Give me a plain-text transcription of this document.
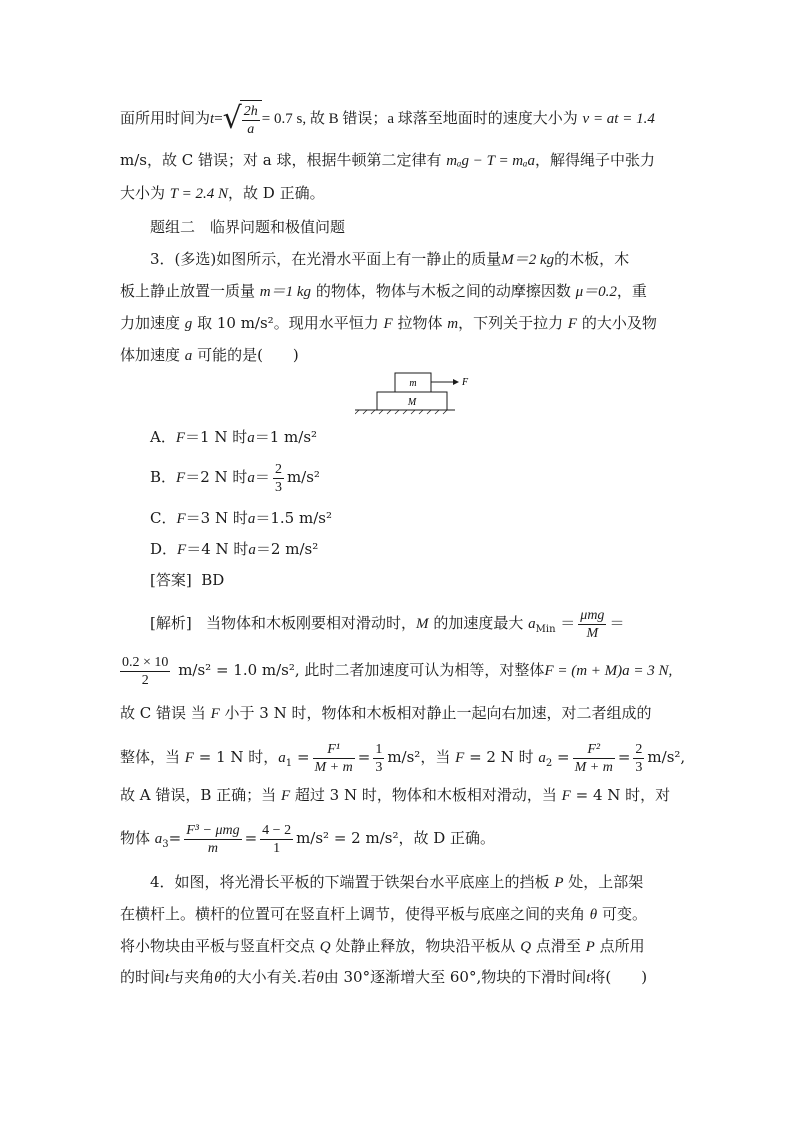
面所用时间为$t=√ \frac{2h}{a} = 0.7$ s, 故 B 错误；a 球落至地面时的速度大小为 v = at = 1.4
m/s，故 C 错误；对 a 球，根据牛顿第二定律有 mₐg − T = mₐa，解得绳子中张力
大小为 T = 2.4 N，故 D 正确。
题组二　临界问题和极值问题
3．(多选)如图所示，在光滑水平面上有一静止的质量M＝2 kg的木板，木
板上静止放置一质量 m＝1 kg 的物体，物体与木板之间的动摩擦因数 μ＝0.2，重
力加速度 g 取 10 m/s²。现用水平恒力 F 拉物体 m，下列关于拉力 F 的大小及物
体加速度 a 可能的是(　　)
M
m	F
A．F＝1 N 时a＝1 m/s²
B．F＝2 N 时$a= \frac{2}{3} m/s^2$
C．F＝3 N 时a＝1.5 m/s²
D．F＝4 N 时a＝2 m/s²
[答案] BD
[解析] 当物体和木板刚要相对滑动时，M 的加速度最大 $a_{Min} = \frac{\text{μmg}}{M}$ ＝
$\frac{0.2 \times 10}{2} m/s^2 = 1.0$ m/s², 此时二者加速度可认为相等，对整体F = (m + M)a = 3 N,
故 C 错误 当 F 小于 3 N 时，物体和木板相对静止一起向右加速，对二者组成的
整体，当 F = 1 N 时，$a_1 = \frac{\text{F¹}}{M + m} = \frac{1}{3} m/s^2$，当 F = 2 N 时 $a_2 = \frac{\text{F²}}{M + m} = \frac{2}{3} m/s^2$,
故 A 错误，B 正确；当 F 超过 3 N 时，物体和木板相对滑动，当 F = 4 N 时，对
物体 $a_3= \frac{\text{F³ − μmg}}{m} = \frac{4 - 2}{1} m/s^2 = 2$ m/s²，故 D 正确。
4．如图，将光滑长平板的下端置于铁架台水平底座上的挡板 P 处，上部架
在横杆上。横杆的位置可在竖直杆上调节，使得平板与底座之间的夹角 θ 可变。
将小物块由平板与竖直杆交点 Q 处静止释放，物块沿平板从 Q 点滑至 P 点所用
的时间t与夹角θ的大小有关.若θ由 30°逐渐增大至 60°,物块的下滑时间t将(　　)
